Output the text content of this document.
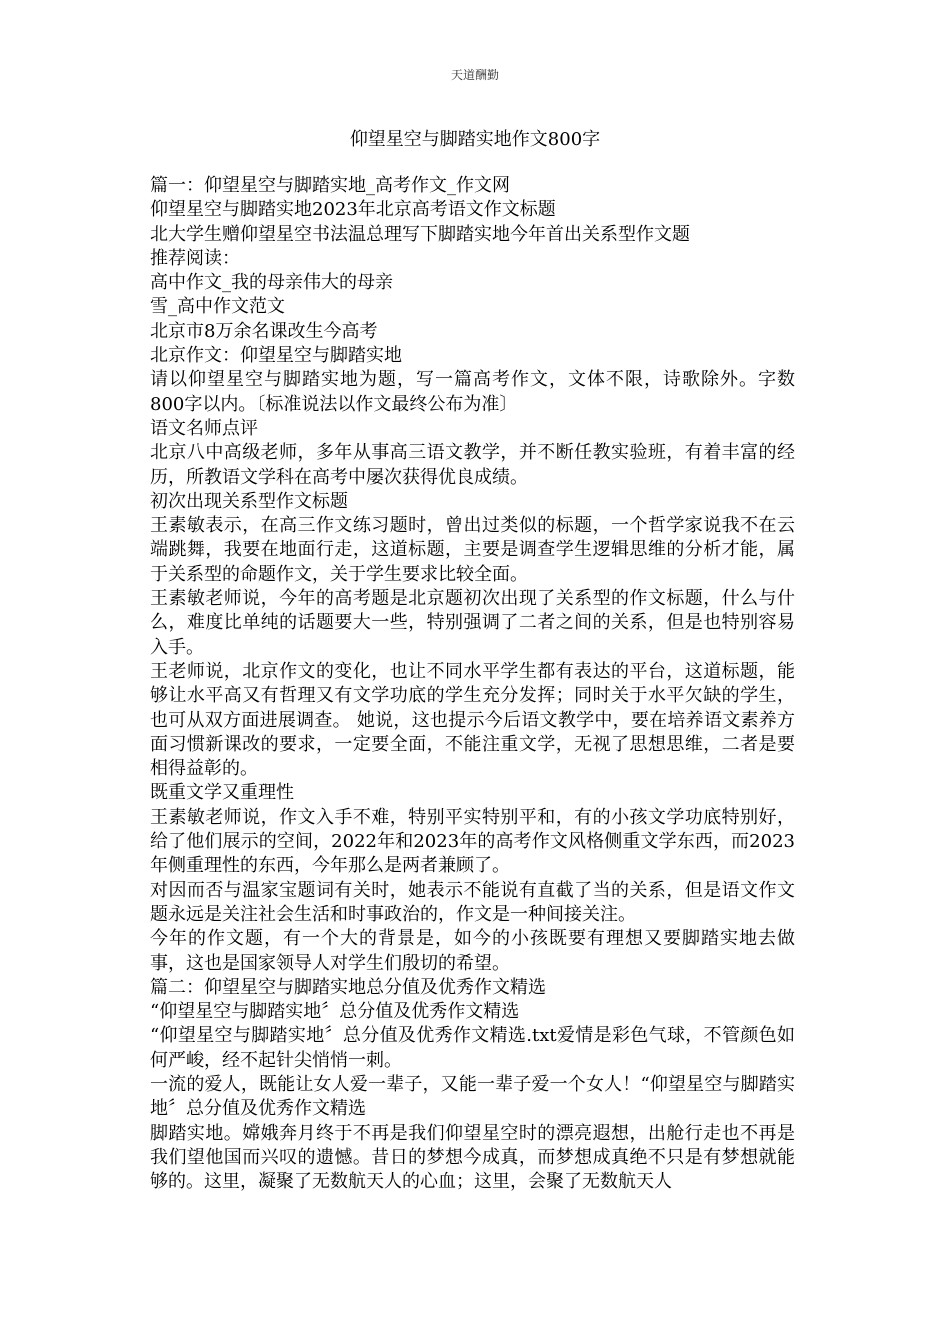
天道酬勤
仰望星空与脚踏实地作文800字

篇一：仰望星空与脚踏实地_高考作文_作文网

仰望星空与脚踏实地2023年北京高考语文作文标题

北大学生赠仰望星空书法温总理写下脚踏实地今年首出关系型作文题

推荐阅读：

高中作文_我的母亲伟大的母亲

雪_高中作文范文

北京市8万余名课改生今高考

北京作文：仰望星空与脚踏实地

请以仰望星空与脚踏实地为题，写一篇高考作文，文体不限，诗歌除外。字数800字以内。〔标准说法以作文最终公布为准〕

语文名师点评

北京八中高级老师，多年从事高三语文教学，并不断任教实验班，有着丰富的经历，所教语文学科在高考中屡次获得优良成绩。

初次出现关系型作文标题

王素敏表示，在高三作文练习题时，曾出过类似的标题，一个哲学家说我不在云端跳舞，我要在地面行走，这道标题，主要是调查学生逻辑思维的分析才能，属于关系型的命题作文，关于学生要求比较全面。

王素敏老师说，今年的高考题是北京题初次出现了关系型的作文标题，什么与什么，难度比单纯的话题要大一些，特别强调了二者之间的关系，但是也特别容易入手。

王老师说，北京作文的变化，也让不同水平学生都有表达的平台，这道标题，能够让水平高又有哲理又有文学功底的学生充分发挥；同时关于水平欠缺的学生，也可从双方面进展调查。 她说，这也提示今后语文教学中，要在培养语文素养方面习惯新课改的要求，一定要全面，不能注重文学，无视了思想思维，二者是要相得益彰的。

既重文学又重理性

王素敏老师说，作文入手不难，特别平实特别平和，有的小孩文学功底特别好，给了他们展示的空间，2022年和2023年的高考作文风格侧重文学东西，而2023年侧重理性的东西，今年那么是两者兼顾了。

对因而否与温家宝题词有关时，她表示不能说有直截了当的关系，但是语文作文题永远是关注社会生活和时事政治的，作文是一种间接关注。

今年的作文题，有一个大的背景是，如今的小孩既要有理想又要脚踏实地去做事，这也是国家领导人对学生们殷切的希望。

篇二：仰望星空与脚踏实地总分值及优秀作文精选

“仰望星空与脚踏实地〞总分值及优秀作文精选

“仰望星空与脚踏实地〞总分值及优秀作文精选.txt爱情是彩色气球，不管颜色如何严峻，经不起针尖悄悄一刺。

一流的爱人，既能让女人爱一辈子，又能一辈子爱一个女人！“仰望星空与脚踏实地〞总分值及优秀作文精选

脚踏实地。嫦娥奔月终于不再是我们仰望星空时的漂亮遐想，出舱行走也不再是我们望他国而兴叹的遗憾。昔日的梦想今成真，而梦想成真绝不只是有梦想就能够的。这里，凝聚了无数航天人的心血；这里，会聚了无数航天人
